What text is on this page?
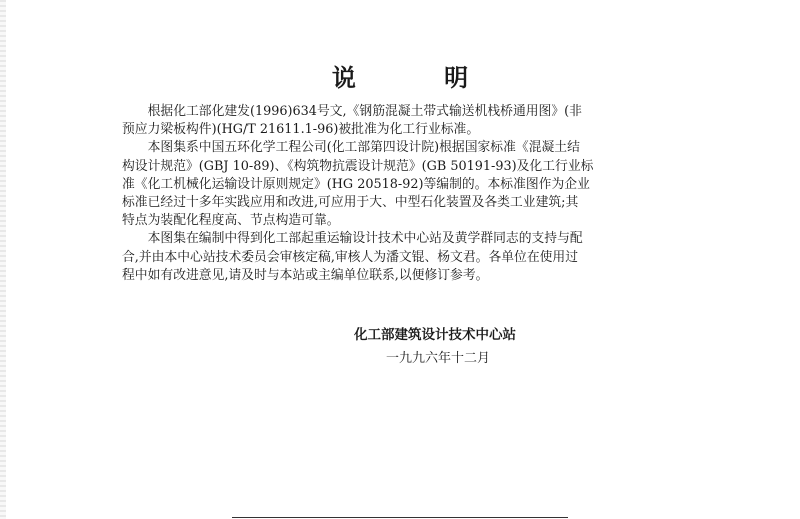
说 明
　　根据化工部化建发(1996)634号文,《钢筋混凝土带式输送机栈桥通用图》(非
预应力梁板构件)(HG/T 21611.1-96)被批准为化工行业标准。
　　本图集系中国五环化学工程公司(化工部第四设计院)根据国家标准《混凝土结
构设计规范》(GBJ 10-89)、《构筑物抗震设计规范》(GB 50191-93)及化工行业标
准《化工机械化运输设计原则规定》(HG 20518-92)等编制的。本标准图作为企业
标准已经过十多年实践应用和改进,可应用于大、中型石化装置及各类工业建筑;其
特点为装配化程度高、节点构造可靠。
　　本图集在编制中得到化工部起重运输设计技术中心站及黄学群同志的支持与配
合,并由本中心站技术委员会审核定稿,审核人为潘文锟、杨文君。各单位在使用过
程中如有改进意见,请及时与本站或主编单位联系,以便修订参考。
化工部建筑设计技术中心站
一九九六年十二月
